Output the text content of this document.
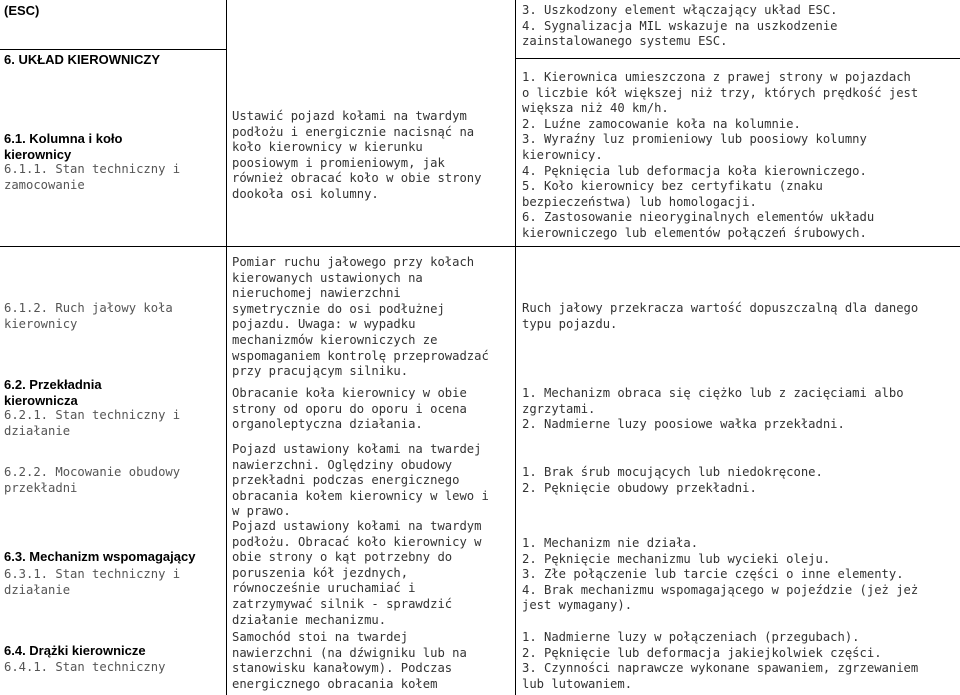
(ESC)
6. UKŁAD KIEROWNICZY
6.1. Kolumna i koło
kierownicy
6.1.1. Stan techniczny i
zamocowanie
6.1.2. Ruch jałowy koła
kierownicy
6.2. Przekładnia
kierownicza
6.2.1. Stan techniczny i
działanie
6.2.2. Mocowanie obudowy
przekładni
6.3. Mechanizm wspomagający
6.3.1. Stan techniczny i
działanie
6.4. Drążki kierownicze
6.4.1. Stan techniczny
Ustawić pojazd kołami na twardym
podłożu i energicznie nacisnąć na
koło kierownicy w kierunku
poosiowym i promieniowym, jak
również obracać koło w obie strony
dookoła osi kolumny.
Pomiar ruchu jałowego przy kołach
kierowanych ustawionych na
nieruchomej nawierzchni
symetrycznie do osi podłużnej
pojazdu. Uwaga: w wypadku
mechanizmów kierowniczych ze
wspomaganiem kontrolę przeprowadzać
przy pracującym silniku.
Obracanie koła kierownicy w obie
strony od oporu do oporu i ocena
organoleptyczna działania.
Pojazd ustawiony kołami na twardej
nawierzchni. Oględziny obudowy
przekładni podczas energicznego
obracania kołem kierownicy w lewo i
w prawo.
Pojazd ustawiony kołami na twardym
podłożu. Obracać koło kierownicy w
obie strony o kąt potrzebny do
poruszenia kół jezdnych,
równocześnie uruchamiać i
zatrzymywać silnik - sprawdzić
działanie mechanizmu.
Samochód stoi na twardej
nawierzchni (na dźwigniku lub na
stanowisku kanałowym). Podczas
energicznego obracania kołem
3. Uszkodzony element włączający układ ESC.
4. Sygnalizacja MIL wskazuje na uszkodzenie
zainstalowanego systemu ESC.
1. Kierownica umieszczona z prawej strony w pojazdach
o liczbie kół większej niż trzy, których prędkość jest
większa niż 40 km/h.
2. Luźne zamocowanie koła na kolumnie.
3. Wyraźny luz promieniowy lub poosiowy kolumny
kierownicy.
4. Pęknięcia lub deformacja koła kierowniczego.
5. Koło kierownicy bez certyfikatu (znaku
bezpieczeństwa) lub homologacji.
6. Zastosowanie nieoryginalnych elementów układu
kierowniczego lub elementów połączeń śrubowych.
Ruch jałowy przekracza wartość dopuszczalną dla danego
typu pojazdu.
1. Mechanizm obraca się ciężko lub z zacięciami albo
zgrzytami.
2. Nadmierne luzy poosiowe wałka przekładni.
1. Brak śrub mocujących lub niedokręcone.
2. Pęknięcie obudowy przekładni.
1. Mechanizm nie działa.
2. Pęknięcie mechanizmu lub wycieki oleju.
3. Złe połączenie lub tarcie części o inne elementy.
4. Brak mechanizmu wspomagającego w pojeździe (jeż jeż
jest wymagany).
1. Nadmierne luzy w połączeniach (przegubach).
2. Pęknięcie lub deformacja jakiejkolwiek części.
3. Czynności naprawcze wykonane spawaniem, zgrzewaniem
lub lutowaniem.
